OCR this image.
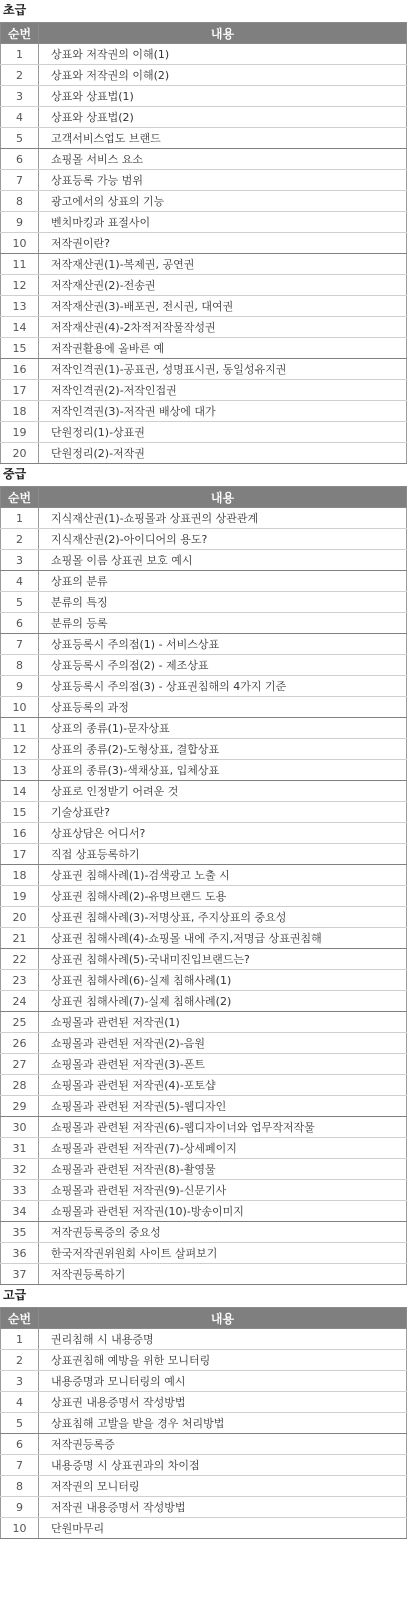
초급
순번	내용
1	상표와 저작권의 이해(1)
2	상표와 저작권의 이해(2)
3	상표와 상표법(1)
4	상표와 상표법(2)
5	고객서비스업도 브랜드
6	쇼핑몰 서비스 요소
7	상표등록 가능 범위
8	광고에서의 상표의 기능
9	벤치마킹과 표절사이
10	저작권이란?
11	저작재산권(1)-복제권, 공연권
12	저작재산권(2)-전송권
13	저작재산권(3)-배포권, 전시권, 대여권
14	저작재산권(4)-2차적저작물작성권
15	저작권활용에 올바른 예
16	저작인격권(1)-공표권, 성명표시권, 동일성유지권
17	저작인격권(2)-저작인접권
18	저작인격권(3)-저작권 배상에 대가
19	단원정리(1)-상표권
20	단원정리(2)-저작권
중급
순번	내용
1	지식재산권(1)-쇼핑몰과 상표권의 상관관계
2	지식재산권(2)-아이디어의 용도?
3	쇼핑몰 이름 상표권 보호 예시
4	상표의 분류
5	분류의 특징
6	분류의 등록
7	상표등록시 주의점(1) - 서비스상표
8	상표등록시 주의점(2) - 제조상표
9	상표등록시 주의점(3) - 상표권침해의 4가지 기준
10	상표등록의 과정
11	상표의 종류(1)-문자상표
12	상표의 종류(2)-도형상표, 결합상표
13	상표의 종류(3)-색채상표, 입체상표
14	상표로 인정받기 어려운 것
15	기술상표란?
16	상표상담은 어디서?
17	직접 상표등록하기
18	상표권 침해사례(1)-검색광고 노출 시
19	상표권 침해사례(2)-유명브랜드 도용
20	상표권 침해사례(3)-저명상표, 주지상표의 중요성
21	상표권 침해사례(4)-쇼핑몰 내에 주지,저명급 상표권침해
22	상표권 침해사례(5)-국내미진입브랜드는?
23	상표권 침해사례(6)-실제 침해사례(1)
24	상표권 침해사례(7)-실제 침해사례(2)
25	쇼핑몰과 관련된 저작권(1)
26	쇼핑몰과 관련된 저작권(2)-음원
27	쇼핑몰과 관련된 저작권(3)-폰트
28	쇼핑몰과 관련된 저작권(4)-포토샵
29	쇼핑몰과 관련된 저작권(5)-웹디자인
30	쇼핑몰과 관련된 저작권(6)-웹디자이너와 업무작저작물
31	쇼핑몰과 관련된 저작권(7)-상세페이지
32	쇼핑몰과 관련된 저작권(8)-촬영물
33	쇼핑몰과 관련된 저작권(9)-신문기사
34	쇼핑몰과 관련된 저작권(10)-방송이미지
35	저작권등록증의 중요성
36	한국저작권위원회 사이트 살펴보기
37	저작권등록하기
고급
순번	내용
1	권리침해 시 내용증명
2	상표권침해 예방을 위한 모니터링
3	내용증명과 모니터링의 예시
4	상표권 내용증명서 작성방법
5	상표침해 고발을 받을 경우 처리방법
6	저작권등록증
7	내용증명 시 상표권과의 차이점
8	저작권의 모니터링
9	저작권 내용증명서 작성방법
10	단원마무리
